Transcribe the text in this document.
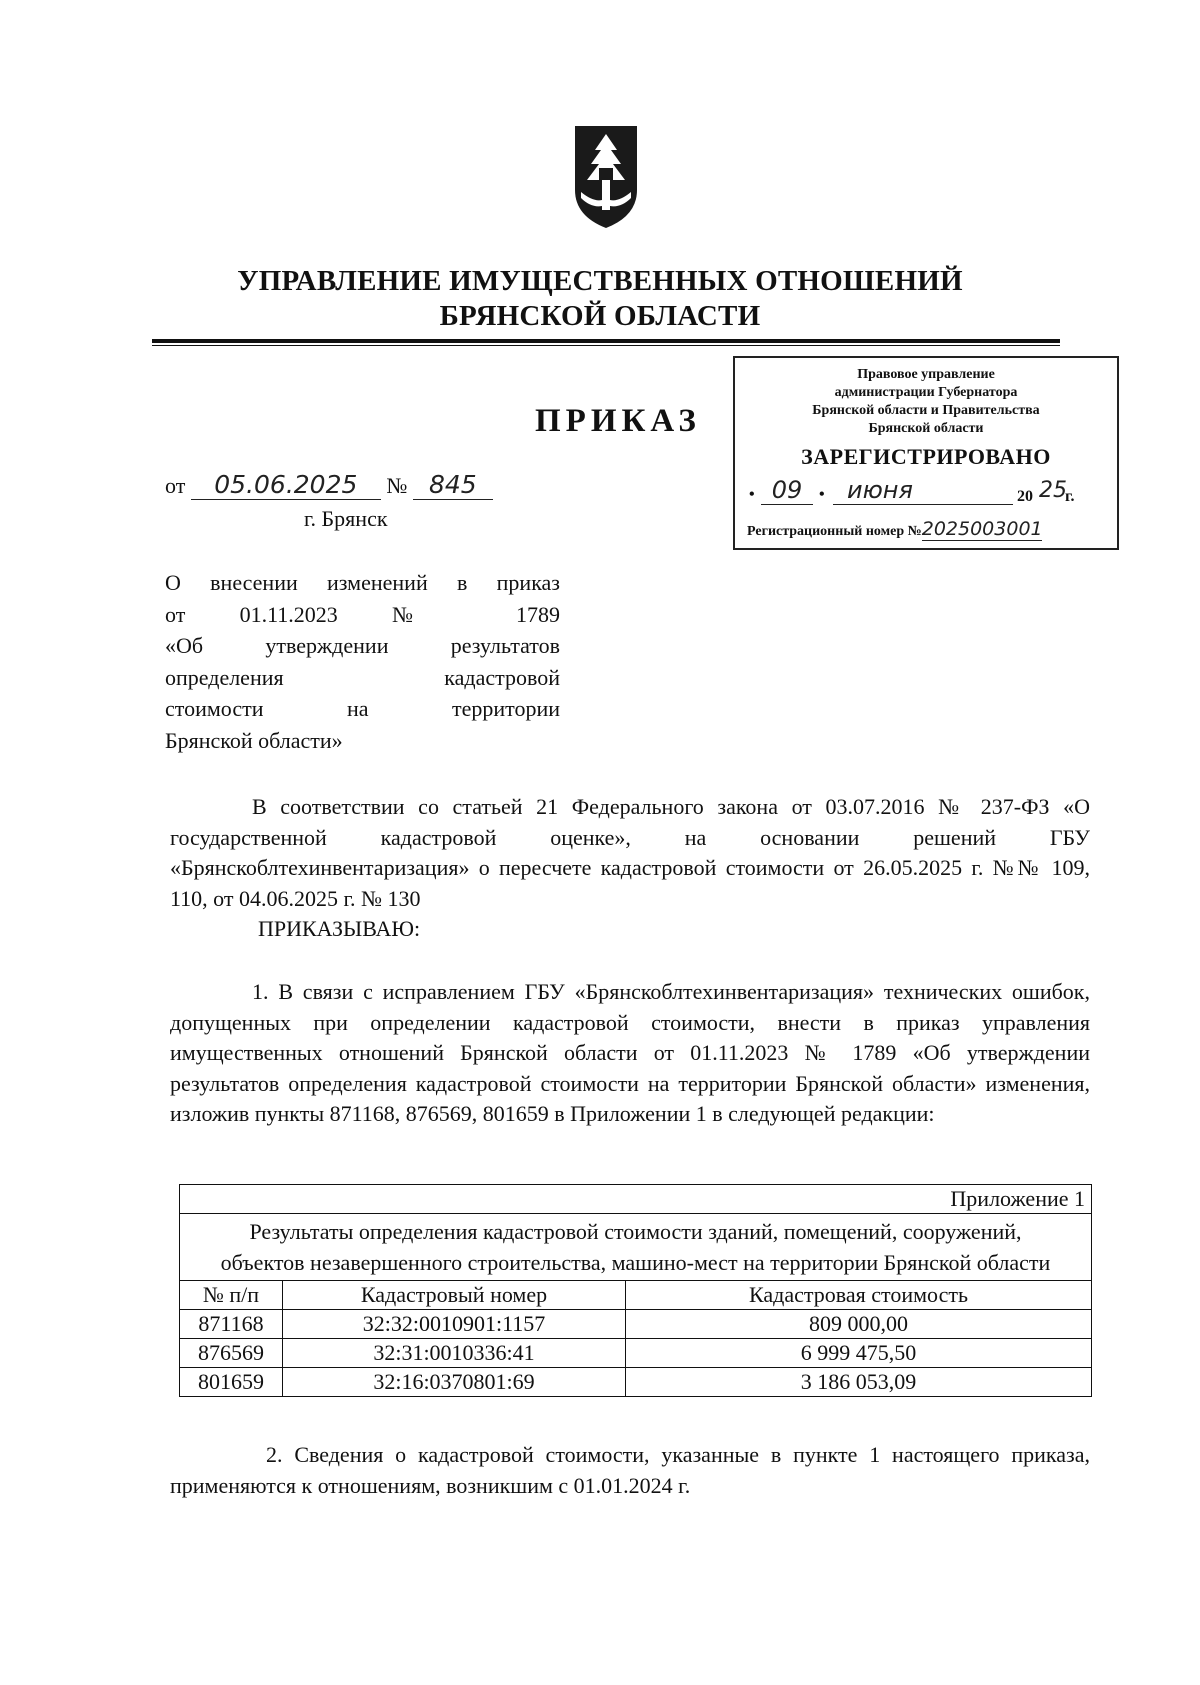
УПРАВЛЕНИЕ ИМУЩЕСТВЕННЫХ ОТНОШЕНИЙ
БРЯНСКОЙ ОБЛАСТИ
Правовое управление
администрации Губернатора
Брянской области и Правительства
Брянской области
ЗАРЕГИСТРИРОВАНО
• 09	• июня	20 25
г.
Регистрационный номер №2025003001
ПРИКАЗ
от 05.06.2025 № 845
г. Брянск
О внесении изменений в приказ
от 01.11.2023 № 1789
«Об утверждении результатов
определения кадастровой
стоимости на территории
Брянской области»
В соответствии со статьей 21 Федерального закона от 03.07.2016 № 237-ФЗ «О государственной кадастровой оценке», на основании решений ГБУ «Брянскоблтехинвентаризация» о пересчете кадастровой стоимости от 26.05.2025 г. №№ 109, 110, от 04.06.2025 г. № 130
ПРИКАЗЫВАЮ:
1. В связи с исправлением ГБУ «Брянскоблтехинвентаризация» технических ошибок, допущенных при определении кадастровой стоимости, внести в приказ управления имущественных отношений Брянской области от 01.11.2023 № 1789 «Об утверждении результатов определения кадастровой стоимости на территории Брянской области» изменения, изложив пункты 871168, 876569, 801659 в Приложении 1 в следующей редакции:
Приложение 1		
Результаты определения кадастровой стоимости зданий, помещений, сооружений, объектов незавершенного строительства, машино-мест на территории Брянской области		
№ п/п	Кадастровый номер	Кадастровая стоимость
871168	32:32:0010901:1157	809 000,00
876569	32:31:0010336:41	6 999 475,50
801659	32:16:0370801:69	3 186 053,09
2. Сведения о кадастровой стоимости, указанные в пункте 1 настоящего приказа, применяются к отношениям, возникшим с 01.01.2024 г.
